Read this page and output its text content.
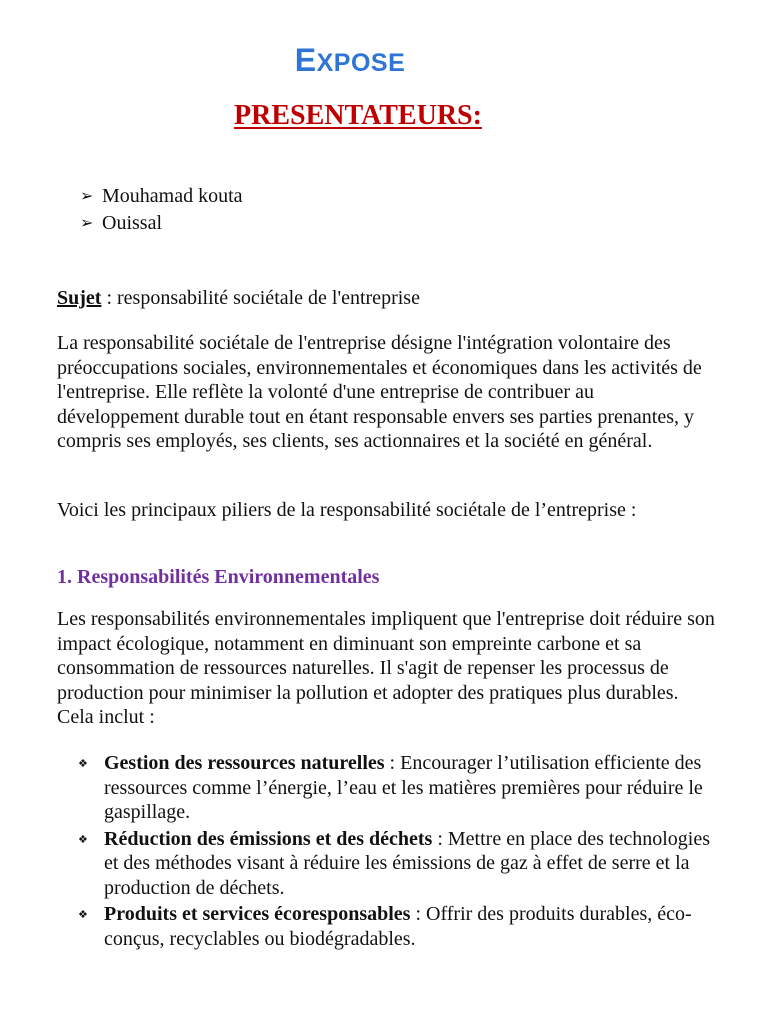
EXPOSE
PRESENTATEURS:
➢ Mouhamad kouta
➢ Ouissal
Sujet : responsabilité sociétale de l'entreprise
La responsabilité sociétale de l'entreprise désigne l'intégration volontaire des préoccupations sociales, environnementales et économiques dans les activités de l'entreprise. Elle reflète la volonté d'une entreprise de contribuer au développement durable tout en étant responsable envers ses parties prenantes, y compris ses employés, ses clients, ses actionnaires et la société en général.
Voici les principaux piliers de la responsabilité sociétale de l’entreprise :
1. Responsabilités Environnementales
Les responsabilités environnementales impliquent que l'entreprise doit réduire son impact écologique, notamment en diminuant son empreinte carbone et sa consommation de ressources naturelles. Il s'agit de repenser les processus de production pour minimiser la pollution et adopter des pratiques plus durables. Cela inclut :
❖ Gestion des ressources naturelles : Encourager l’utilisation efficiente des ressources comme l’énergie, l’eau et les matières premières pour réduire le gaspillage.
❖ Réduction des émissions et des déchets : Mettre en place des technologies et des méthodes visant à réduire les émissions de gaz à effet de serre et la production de déchets.
❖ Produits et services écoresponsables : Offrir des produits durables, éco-conçus, recyclables ou biodégradables.
